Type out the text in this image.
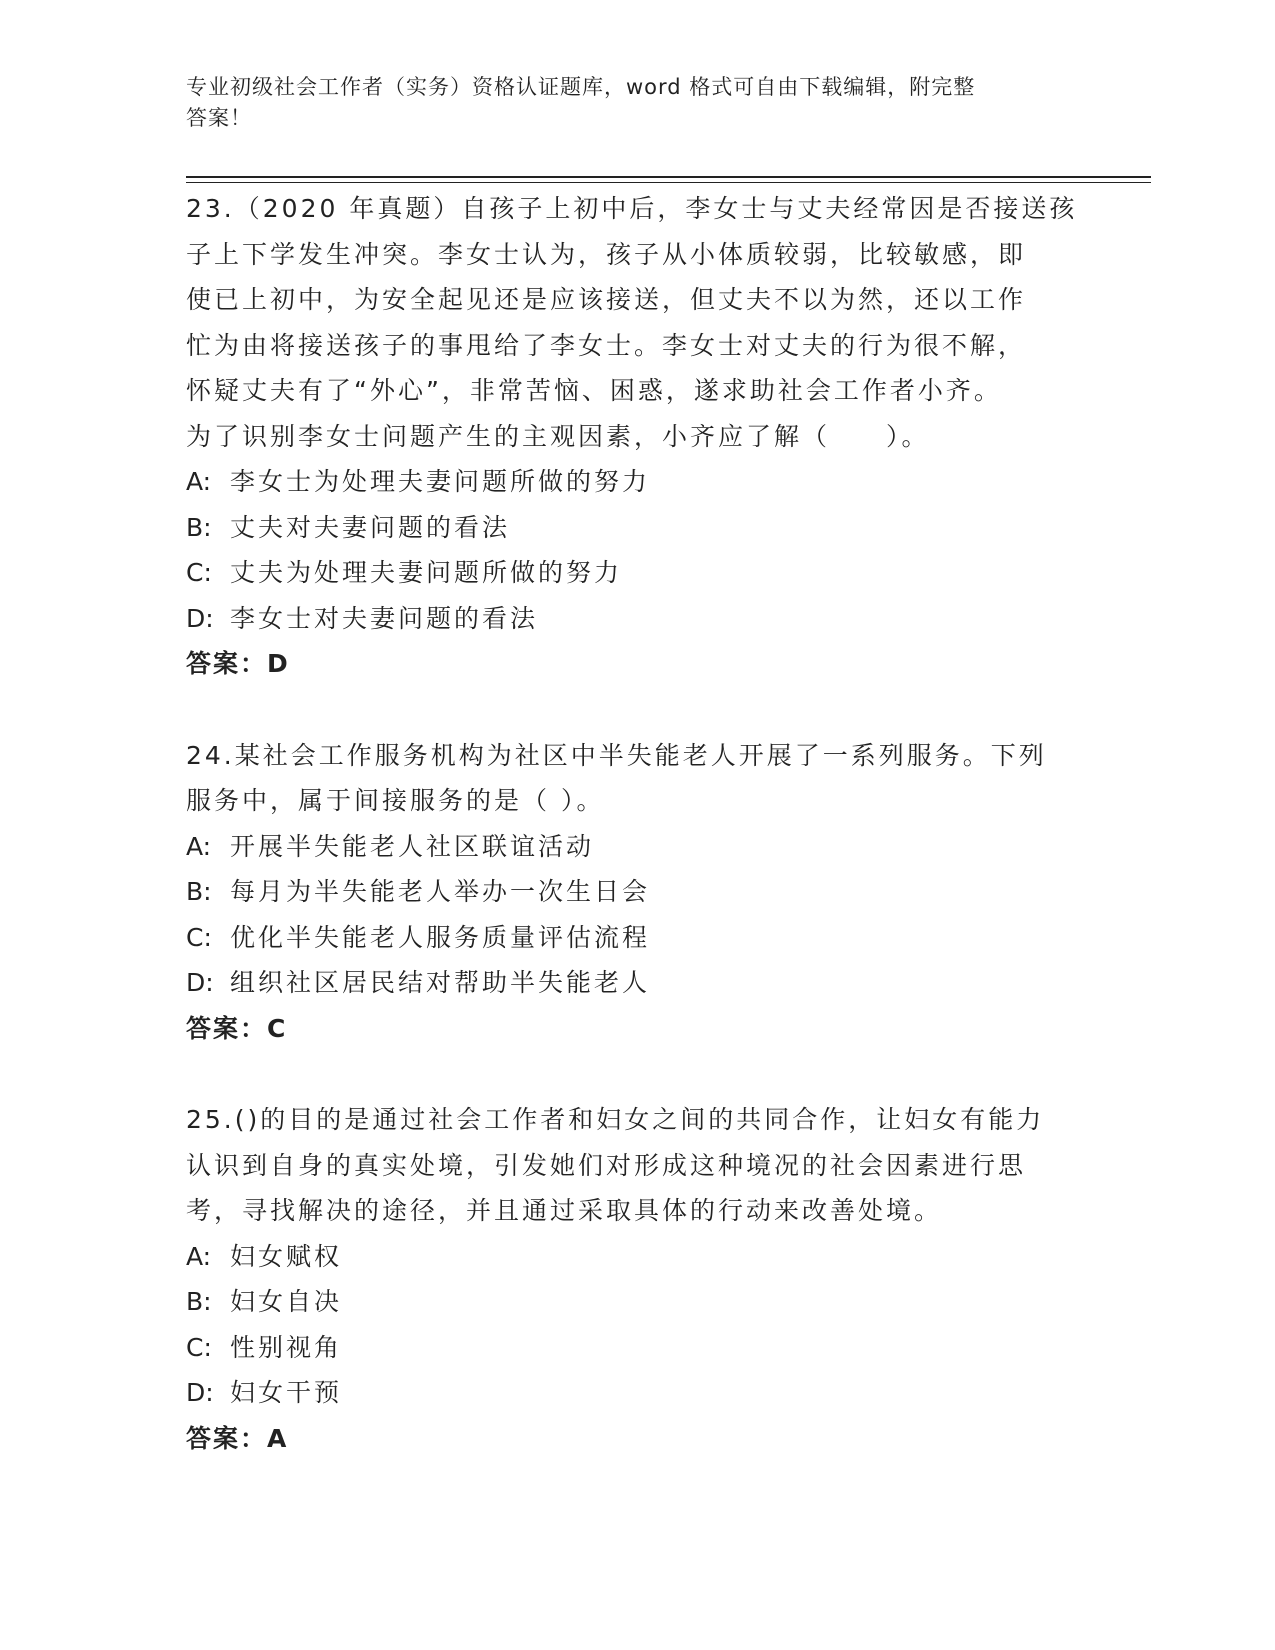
专业初级社会工作者（实务）资格认证题库，word 格式可自由下载编辑，附完整
答案！
23.（2020 年真题）自孩子上初中后，李女士与丈夫经常因是否接送孩
子上下学发生冲突。李女士认为，孩子从小体质较弱，比较敏感，即
使已上初中，为安全起见还是应该接送，但丈夫不以为然，还以工作
忙为由将接送孩子的事甩给了李女士。李女士对丈夫的行为很不解，
怀疑丈夫有了“外心”，非常苦恼、困惑，遂求助社会工作者小齐。
为了识别李女士问题产生的主观因素，小齐应了解（　　）。
A: 李女士为处理夫妻问题所做的努力
B: 丈夫对夫妻问题的看法
C: 丈夫为处理夫妻问题所做的努力
D: 李女士对夫妻问题的看法
答案：D
24.某社会工作服务机构为社区中半失能老人开展了一系列服务。下列
服务中，属于间接服务的是（ ）。
A: 开展半失能老人社区联谊活动
B: 每月为半失能老人举办一次生日会
C: 优化半失能老人服务质量评估流程
D: 组织社区居民结对帮助半失能老人
答案：C
25.()的目的是通过社会工作者和妇女之间的共同合作，让妇女有能力
认识到自身的真实处境，引发她们对形成这种境况的社会因素进行思
考，寻找解决的途径，并且通过采取具体的行动来改善处境。
A: 妇女赋权
B: 妇女自决
C: 性别视角
D: 妇女干预
答案：A
